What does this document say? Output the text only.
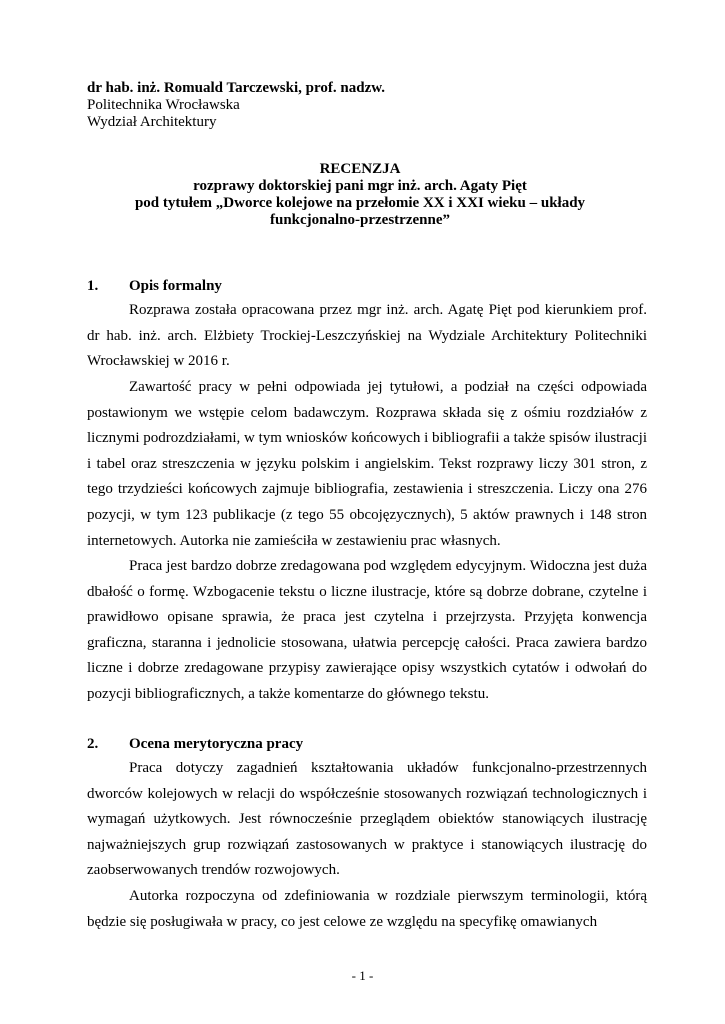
dr hab. inż. Romuald Tarczewski, prof. nadzw.
Politechnika Wrocławska
Wydział Architektury
RECENZJA
rozprawy doktorskiej pani mgr inż. arch. Agaty Pięt
pod tytułem „Dworce kolejowe na przełomie XX i XXI wieku – układy
funkcjonalno-przestrzenne”
1. Opis formalny

Rozprawa została opracowana przez mgr inż. arch. Agatę Pięt pod kierunkiem prof. dr hab. inż. arch. Elżbiety Trockiej-Leszczyńskiej na Wydziale Architektury Politechniki Wrocławskiej w 2016 r.

Zawartość pracy w pełni odpowiada jej tytułowi, a podział na części odpowiada postawionym we wstępie celom badawczym. Rozprawa składa się z ośmiu rozdziałów z licznymi podrozdziałami, w tym wniosków końcowych i bibliografii a także spisów ilustracji i tabel oraz streszczenia w języku polskim i angielskim. Tekst rozprawy liczy 301 stron, z tego trzydzieści końcowych zajmuje bibliografia, zestawienia i streszczenia. Liczy ona 276 pozycji, w tym 123 publikacje (z tego 55 obcojęzycznych), 5 aktów prawnych i 148 stron internetowych. Autorka nie zamieściła w zestawieniu prac własnych.

Praca jest bardzo dobrze zredagowana pod względem edycyjnym. Widoczna jest duża dbałość o formę. Wzbogacenie tekstu o liczne ilustracje, które są dobrze dobrane, czytelne i prawidłowo opisane sprawia, że praca jest czytelna i przejrzysta. Przyjęta konwencja graficzna, staranna i jednolicie stosowana, ułatwia percepcję całości. Praca zawiera bardzo liczne i dobrze zredagowane przypisy zawierające opisy wszystkich cytatów i odwołań do pozycji bibliograficznych, a także komentarze do głównego tekstu.

2. Ocena merytoryczna pracy

Praca dotyczy zagadnień kształtowania układów funkcjonalno-przestrzennych dworców kolejowych w relacji do współcześnie stosowanych rozwiązań technologicznych i wymagań użytkowych. Jest równocześnie przeglądem obiektów stanowiących ilustrację najważniejszych grup rozwiązań zastosowanych w praktyce i stanowiących ilustrację do zaobserwowanych trendów rozwojowych.

Autorka rozpoczyna od zdefiniowania w rozdziale pierwszym terminologii, którą będzie się posługiwała w pracy, co jest celowe ze względu na specyfikę omawianych

- 1 -
